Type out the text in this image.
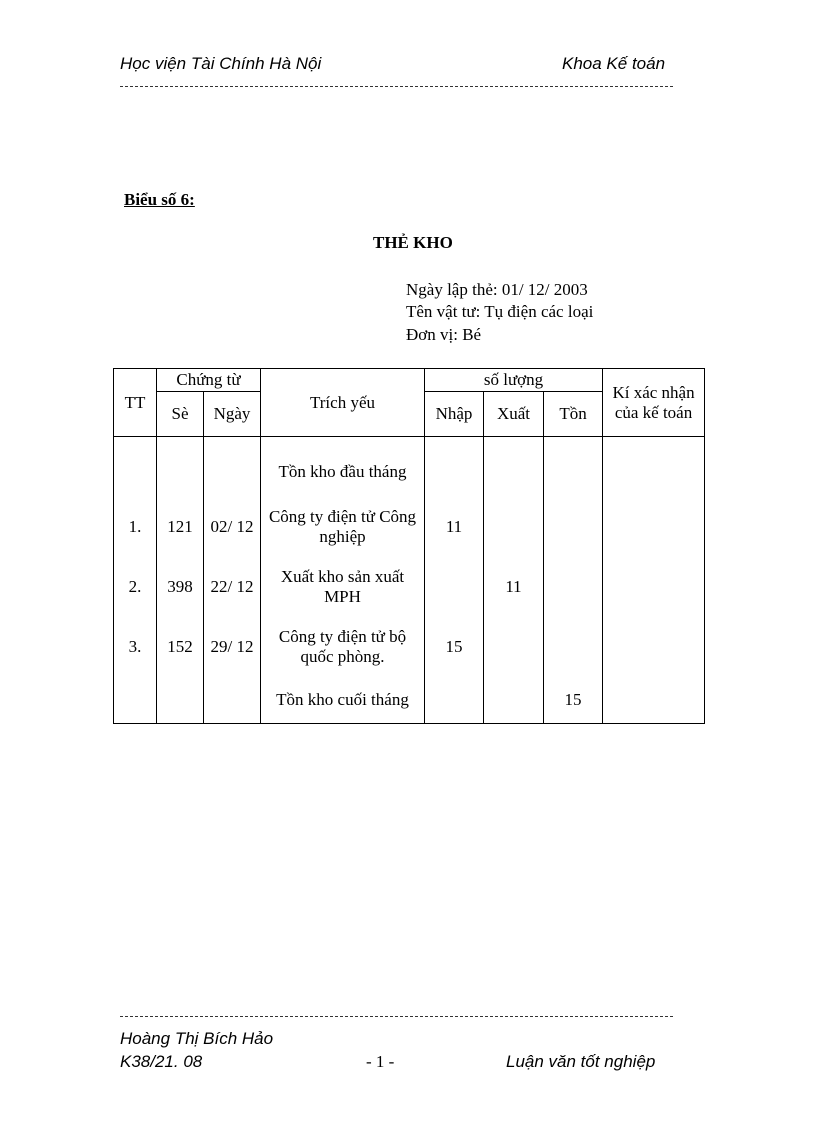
Học viện Tài Chính Hà Nội	Khoa Kế toán
Biểu số 6:
THẺ KHO
Ngày lập thẻ: 01/ 12/ 2003
Tên vật tư: Tụ điện các loại
Đơn vị: Bé
TT	Chứng từ		Trích yếu	số lượng			Kí xác nhận của kế toán
	Sè	Ngày		Nhập	Xuất	Tồn	
			Tồn kho đầu tháng				
1.	121	02/ 12	Công ty điện tử Công nghiệp	11			
2.	398	22/ 12	Xuất kho sản xuất MPH		11		
3.	152	29/ 12	Công ty điện tử bộ quốc phòng.	15			
			Tồn kho cuối tháng			15	
Hoàng Thị Bích Hảo
K38/21. 08	- 1 -	Luận văn tốt nghiệp
